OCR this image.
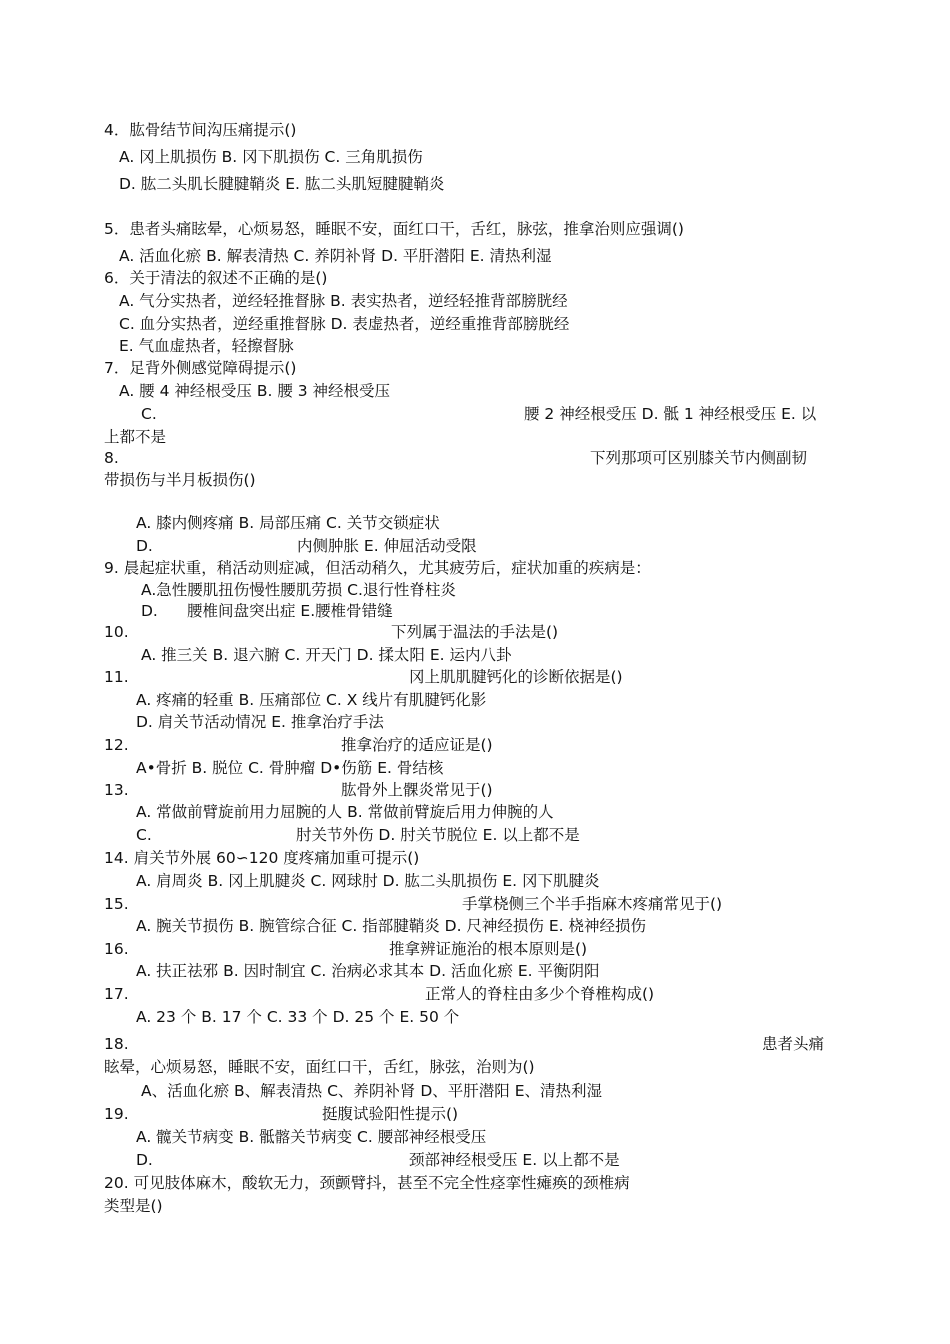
4．肱骨结节间沟压痛提示()
A. 冈上肌损伤 B. 冈下肌损伤 C. 三角肌损伤
D. 肱二头肌长腱腱鞘炎 E. 肱二头肌短腱腱鞘炎
5．患者头痛眩晕，心烦易怒，睡眠不安，面红口干，舌红，脉弦，推拿治则应强调()
A. 活血化瘀 B. 解表清热 C. 养阴补肾 D. 平肝潜阳 E. 清热利湿
6．关于清法的叙述不正确的是()
A. 气分实热者，逆经轻推督脉 B. 表实热者，逆经轻推背部膀胱经
C. 血分实热者，逆经重推督脉 D. 表虚热者，逆经重推背部膀胱经
E. 气血虚热者，轻擦督脉
7．足背外侧感觉障碍提示()
A. 腰 4 神经根受压 B. 腰 3 神经根受压
C.	腰 2 神经根受压 D. 骶 1 神经根受压 E. 以
上都不是
8.	下列那项可区别膝关节内侧副韧
带损伤与半月板损伤()
A. 膝内侧疼痛 B. 局部压痛 C. 关节交锁症状
D.	内侧肿胀 E. 伸屈活动受限
9. 晨起症状重，稍活动则症减，但活动稍久，尤其疲劳后，症状加重的疾病是：
A.急性腰肌扭伤慢性腰肌劳损 C.退行性脊柱炎
D. 腰椎间盘突出症 E.腰椎骨错缝
10.	下列属于温法的手法是()
A. 推三关 B. 退六腑 C. 开天门 D. 揉太阳 E. 运内八卦
11.	冈上肌肌腱钙化的诊断依据是()
A. 疼痛的轻重 B. 压痛部位 C. X 线片有肌腱钙化影
D. 肩关节活动情况 E. 推拿治疗手法
12.	推拿治疗的适应证是()
A•骨折 B. 脱位 C. 骨肿瘤 D•伤筋 E. 骨结核
13.	肱骨外上髁炎常见于()
A. 常做前臂旋前用力屈腕的人 B. 常做前臂旋后用力伸腕的人
C.	肘关节外伤 D. 肘关节脱位 E. 以上都不是
14. 肩关节外展 60∽120 度疼痛加重可提示()
A. 肩周炎 B. 冈上肌腱炎 C. 网球肘 D. 肱二头肌损伤 E. 冈下肌腱炎
15.	手掌桡侧三个半手指麻木疼痛常见于()
A. 腕关节损伤 B. 腕管综合征 C. 指部腱鞘炎 D. 尺神经损伤 E. 桡神经损伤
16.	推拿辨证施治的根本原则是()
A. 扶正祛邪 B. 因时制宜 C. 治病必求其本 D. 活血化瘀 E. 平衡阴阳
17.	正常人的脊柱由多少个脊椎构成()
A. 23 个 B. 17 个 C. 33 个 D. 25 个 E. 50 个
18.	患者头痛
眩晕，心烦易怒，睡眠不安，面红口干，舌红，脉弦，治则为()
A、活血化瘀 B、解表清热 C、养阴补肾 D、平肝潜阳 E、清热利湿
19.	挺腹试验阳性提示()
A. 髋关节病变 B. 骶髂关节病变 C. 腰部神经根受压
D.	颈部神经根受压 E. 以上都不是
20. 可见肢体麻木，酸软无力，颈颤臂抖，甚至不完全性痉挛性瘫痪的颈椎病
类型是()
